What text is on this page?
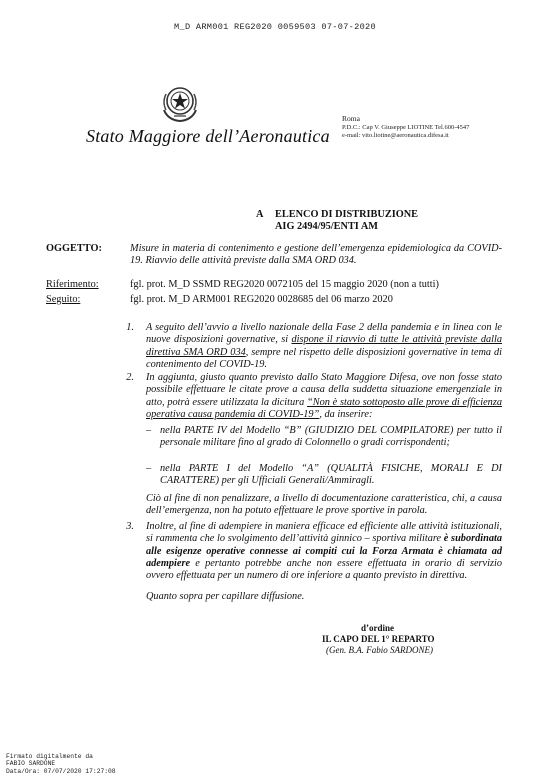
M_D ARM001 REG2020 0059503 07-07-2020
Stato Maggiore dell’Aeronautica
Roma
P.D.C.: Cap V. Giuseppe LIOTINE Tel.600-4547
e-mail: vito.liotine@aeronautica.difesa.it
A ELENCO DI DISTRIBUZIONE
AIG 2494/95/ENTI AM
OGGETTO:	Misure in materia di contenimento e gestione dell’emergenza epidemiologica da COVID-19. Riavvio delle attività previste dalla SMA ORD 034.
Riferimento:	fgl. prot. M_D SSMD REG2020 0072105 del 15 maggio 2020 (non a tutti)
Seguito:	fgl. prot. M_D ARM001 REG2020 0028685 del 06 marzo 2020
1. A seguito dell’avvio a livello nazionale della Fase 2 della pandemia e in linea con le nuove disposizioni governative, si dispone il riavvio di tutte le attività previste dalla direttiva SMA ORD 034, sempre nel rispetto delle disposizioni governative in tema di contenimento del COVID-19.
2. In aggiunta, giusto quanto previsto dallo Stato Maggiore Difesa, ove non fosse stato possibile effettuare le citate prove a causa della suddetta situazione emergenziale in atto, potrà essere utilizzata la dicitura “Non è stato sottoposto alle prove di efficienza operativa causa pandemia di COVID-19”, da inserire:
– nella PARTE IV del Modello “B” (GIUDIZIO DEL COMPILATORE) per tutto il personale militare fino al grado di Colonnello o gradi corrispondenti;
– nella PARTE I del Modello “A” (QUALITÀ FISICHE, MORALI E DI CARATTERE) per gli Ufficiali Generali/Ammiragli.
Ciò al fine di non penalizzare, a livello di documentazione caratteristica, chi, a causa dell’emergenza, non ha potuto effettuare le prove sportive in parola.
3. Inoltre, al fine di adempiere in maniera efficace ed efficiente alle attività istituzionali, si rammenta che lo svolgimento dell’attività ginnico – sportiva militare è subordinata alle esigenze operative connesse ai compiti cui la Forza Armata è chiamata ad adempiere e pertanto potrebbe anche non essere effettuata in orario di servizio ovvero effettuata per un numero di ore inferiore a quanto previsto in direttiva.
Quanto sopra per capillare diffusione.
d’ordine
IL CAPO DEL 1° REPARTO
(Gen. B.A. Fabio SARDONE)
Firmato digitalmente da
FABIO SARDONE
Data/Ora: 07/07/2020 17:27:08
